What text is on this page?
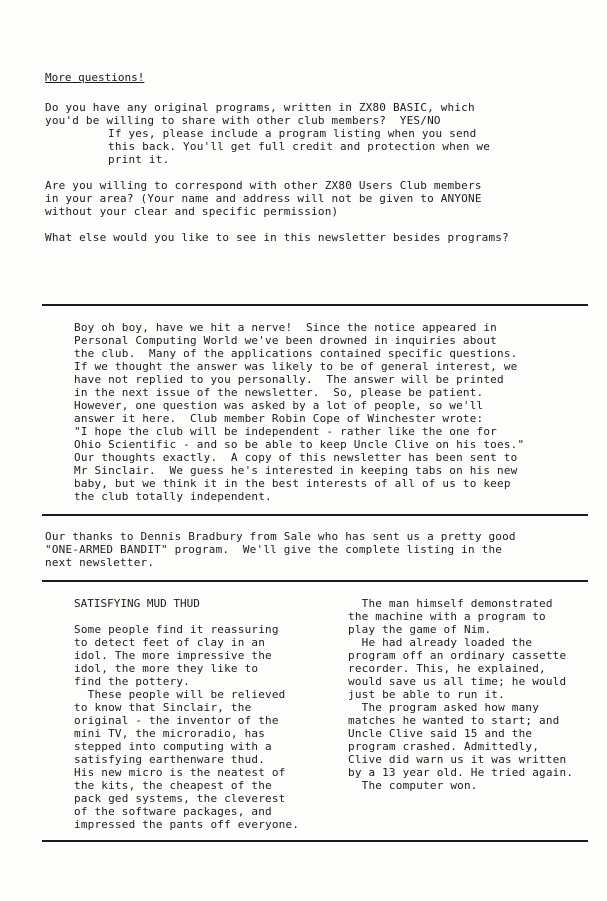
More questions!
Do you have any original programs, written in ZX80 BASIC, which
you'd be willing to share with other club members?  YES/NO
If yes, please include a program listing when you send
this back. You'll get full credit and protection when we
print it.
Are you willing to correspond with other ZX80 Users Club members
in your area? (Your name and address will not be given to ANYONE
without your clear and specific permission)
What else would you like to see in this newsletter besides programs?
Boy oh boy, have we hit a nerve!  Since the notice appeared in
Personal Computing World we've been drowned in inquiries about
the club.  Many of the applications contained specific questions.
If we thought the answer was likely to be of general interest, we
have not replied to you personally.  The answer will be printed
in the next issue of the newsletter.  So, please be patient.
However, one question was asked by a lot of people, so we'll
answer it here.  Club member Robin Cope of Winchester wrote:
"I hope the club will be independent - rather like the one for
Ohio Scientific - and so be able to keep Uncle Clive on his toes."
Our thoughts exactly.  A copy of this newsletter has been sent to
Mr Sinclair.  We guess he's interested in keeping tabs on his new
baby, but we think it in the best interests of all of us to keep
the club totally independent.
Our thanks to Dennis Bradbury from Sale who has sent us a pretty good
"ONE-ARMED BANDIT" program.  We'll give the complete listing in the
next newsletter.
SATISFYING MUD THUD
Some people find it reassuring
to detect feet of clay in an
idol. The more impressive the
idol, the more they like to
find the pottery.
These people will be relieved
to know that Sinclair, the
original - the inventor of the
mini TV, the microradio, has
stepped into computing with a
satisfying earthenware thud.
His new micro is the neatest of
the kits, the cheapest of the
pack ged systems, the cleverest
of the software packages, and
impressed the pants off everyone.
The man himself demonstrated
the machine with a program to
play the game of Nim.
He had already loaded the
program off an ordinary cassette
recorder. This, he explained,
would save us all time; he would
just be able to run it.
The program asked how many
matches he wanted to start; and
Uncle Clive said 15 and the
program crashed. Admittedly,
Clive did warn us it was written
by a 13 year old. He tried again.
The computer won.
